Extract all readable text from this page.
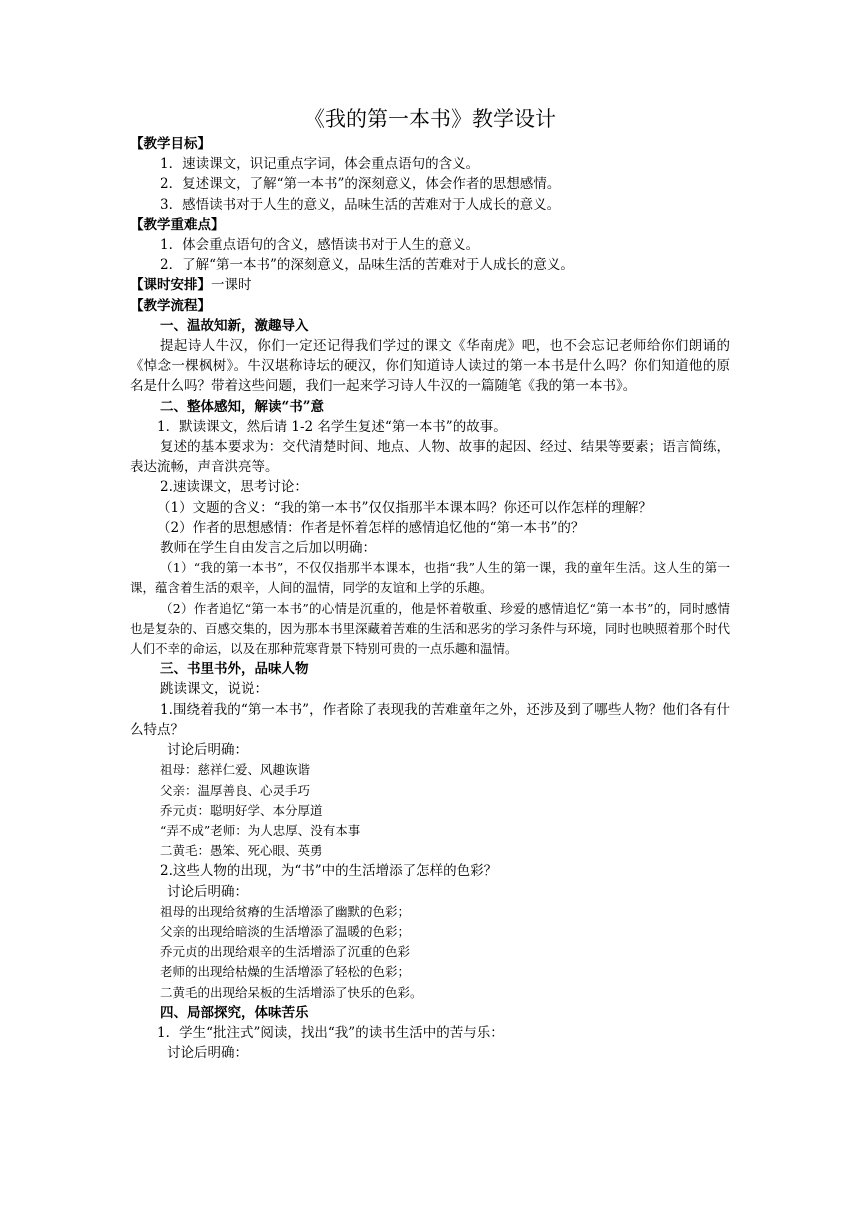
《我的第一本书》教学设计

【教学目标】

1．速读课文，识记重点字词，体会重点语句的含义。

2．复述课文，了解“第一本书”的深刻意义，体会作者的思想感情。

3．感悟读书对于人生的意义，品味生活的苦难对于人成长的意义。

【教学重难点】

1．体会重点语句的含义，感悟读书对于人生的意义。

2．了解“第一本书”的深刻意义，品味生活的苦难对于人成长的意义。

【课时安排】一课时

【教学流程】

一、温故知新，激趣导入

提起诗人牛汉，你们一定还记得我们学过的课文《华南虎》吧，也不会忘记老师给你们朗诵的《悼念一棵枫树》。牛汉堪称诗坛的硬汉，你们知道诗人读过的第一本书是什么吗？你们知道他的原名是什么吗？带着这些问题，我们一起来学习诗人牛汉的一篇随笔《我的第一本书》。

二、整体感知，解读“书”意

1．默读课文，然后请 1-2 名学生复述“第一本书”的故事。

复述的基本要求为：交代清楚时间、地点、人物、故事的起因、经过、结果等要素；语言简练，表达流畅，声音洪亮等。

2.速读课文，思考讨论：

（1）文题的含义：“我的第一本书”仅仅指那半本课本吗？你还可以作怎样的理解？

（2）作者的思想感情：作者是怀着怎样的感情追忆他的“第一本书”的？

教师在学生自由发言之后加以明确：

（1）“我的第一本书”，不仅仅指那半本课本，也指“我”人生的第一课，我的童年生活。这人生的第一课，蕴含着生活的艰辛，人间的温情，同学的友谊和上学的乐趣。

（2）作者追忆“第一本书”的心情是沉重的，他是怀着敬重、珍爱的感情追忆“第一本书”的，同时感情也是复杂的、百感交集的，因为那本书里深藏着苦难的生活和恶劣的学习条件与环境，同时也映照着那个时代人们不幸的命运，以及在那种荒寒背景下特别可贵的一点乐趣和温情。

三、书里书外，品味人物

跳读课文，说说：

1.围绕着我的“第一本书”，作者除了表现我的苦难童年之外，还涉及到了哪些人物？他们各有什么特点？

讨论后明确：

祖母：慈祥仁爱、风趣诙谐

父亲：温厚善良、心灵手巧

乔元贞：聪明好学、本分厚道

“弄不成”老师：为人忠厚、没有本事

二黄毛：愚笨、死心眼、英勇

2.这些人物的出现，为“书”中的生活增添了怎样的色彩？

讨论后明确：

祖母的出现给贫瘠的生活增添了幽默的色彩；

父亲的出现给暗淡的生活增添了温暖的色彩；

乔元贞的出现给艰辛的生活增添了沉重的色彩

老师的出现给枯燥的生活增添了轻松的色彩；

二黄毛的出现给呆板的生活增添了快乐的色彩。

四、局部探究，体味苦乐

1．学生“批注式”阅读，找出“我”的读书生活中的苦与乐：

讨论后明确：
